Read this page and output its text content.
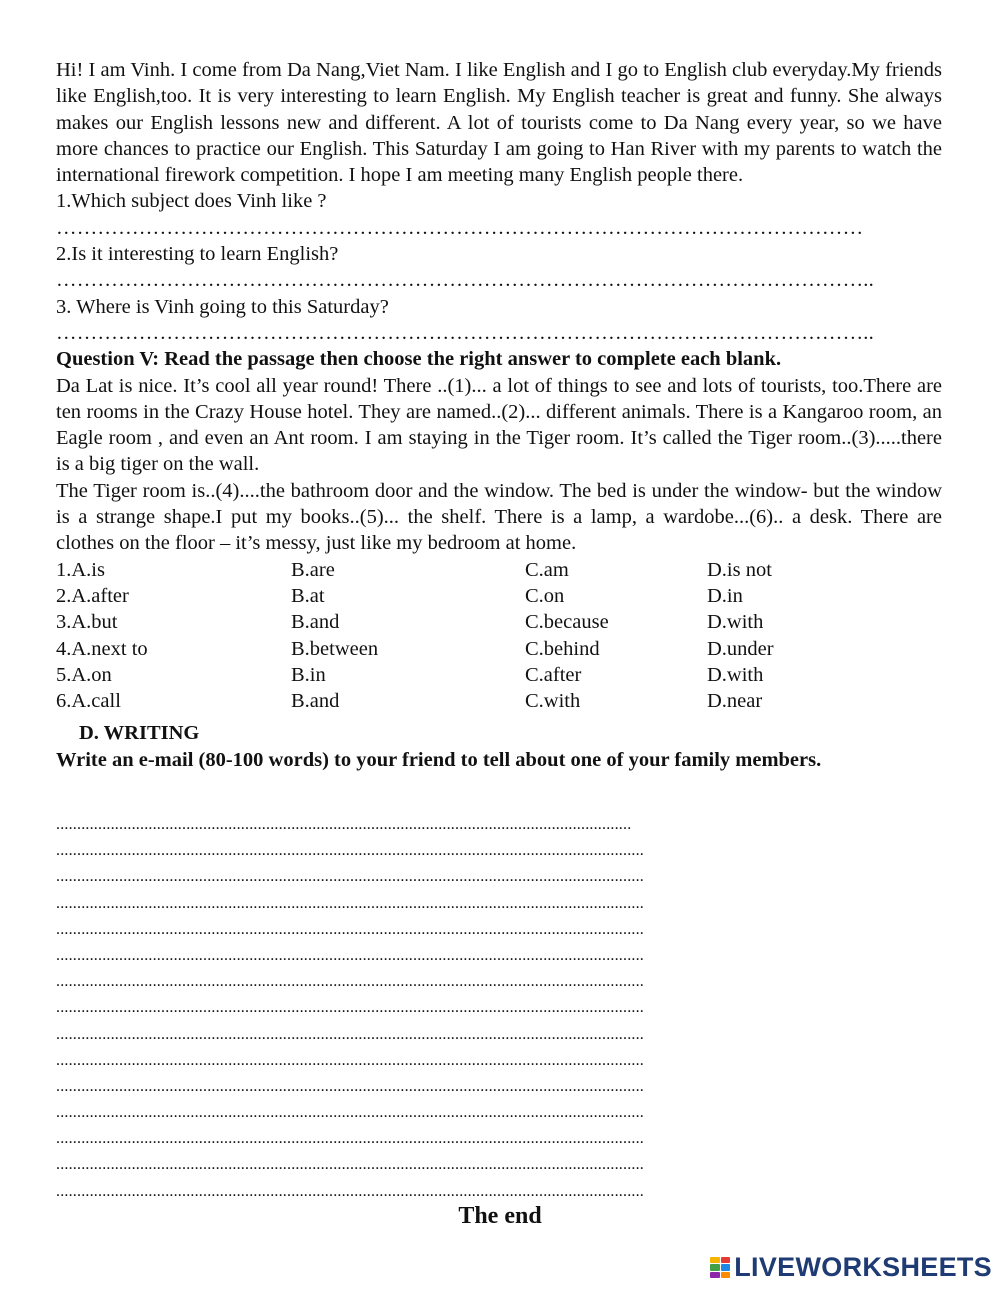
Hi! I am Vinh. I come from Da Nang,Viet Nam. I like English and I go to English club everyday.My friends like English,too. It is very interesting to learn English. My English teacher is great and funny. She always makes our English lessons new and different. A lot of tourists come to Da Nang every year, so we have more chances to practice our English. This Saturday I am going to Han River with my parents to watch the international firework competition. I hope I am meeting many English people there.

1.Which subject does Vinh like ?

………………………………………………………………………………………………………

2.Is it interesting to learn English?

………………………………………………………………………………………………………..

3. Where is Vinh going to this Saturday?

………………………………………………………………………………………………………..

Question V: Read the passage then choose the right answer to complete each blank.

Da Lat is nice. It’s cool all year round! There ..(1)... a lot of things to see and lots of tourists, too.There are ten rooms in the Crazy House hotel. They are named..(2)... different animals. There is a Kangaroo room, an Eagle room , and even an Ant room. I am staying in the Tiger room. It’s called the Tiger room..(3).....there is a big tiger on the wall.

The Tiger room is..(4)....the bathroom door and the window. The bed is under the window- but the window is a strange shape.I put my books..(5)... the shelf. There is a lamp, a wardobe...(6).. a desk. There are clothes on the floor – it’s messy, just like my bedroom at home.

1.A.is	B.are	C.am	D.is not
2.A.after	B.at	C.on	D.in
3.A.but	B.and	C.because	D.with
4.A.next to	B.between	C.behind	D.under
5.A.on	B.in	C.after	D.with
6.A.call	B.and	C.with	D.near

D. WRITING

Write an e-mail (80-100 words) to your friend to tell about one of your family members.

.........................................................................................................................................
............................................................................................................................................
............................................................................................................................................
............................................................................................................................................
............................................................................................................................................
............................................................................................................................................
............................................................................................................................................
............................................................................................................................................
............................................................................................................................................
............................................................................................................................................
............................................................................................................................................
............................................................................................................................................
............................................................................................................................................
............................................................................................................................................
............................................................................................................................................
The end
LIVEWORKSHEETS
